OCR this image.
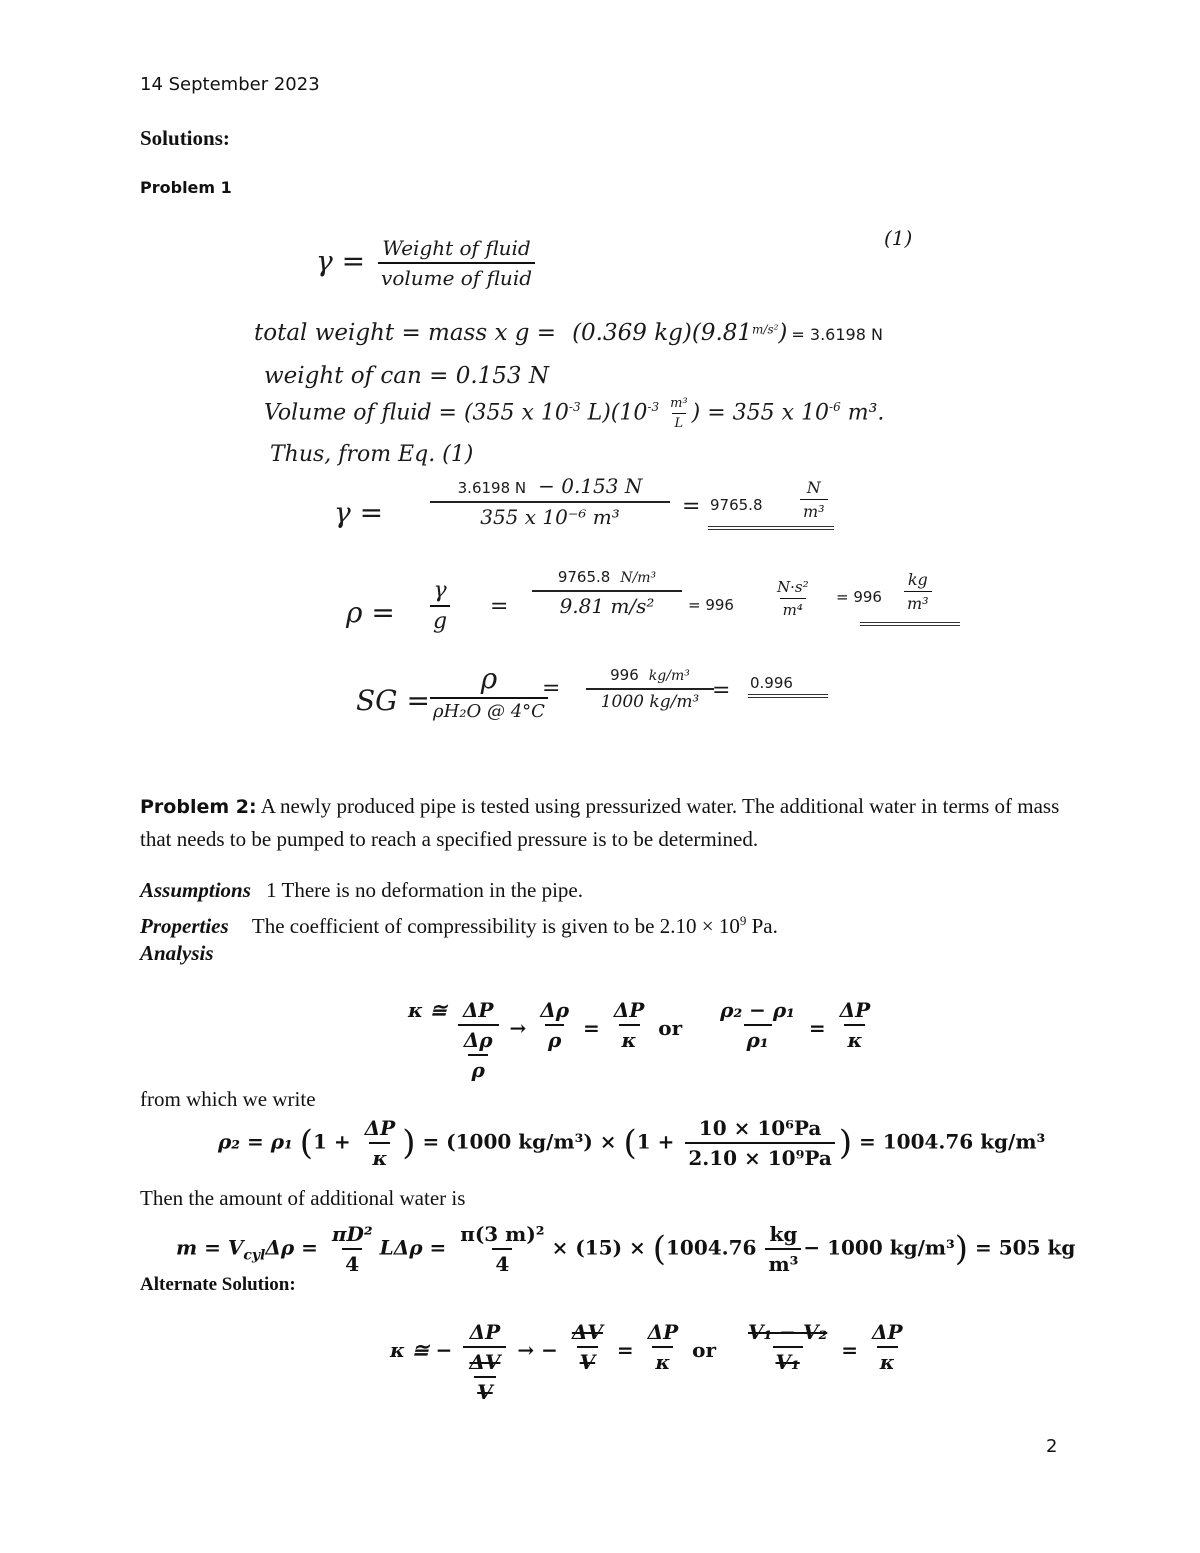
14 September 2023
Solutions:
Problem 1
$\gamma = \frac{\text{Weight of fluid}}{\text{volume of fluid}}$	(1)
total weight = mass x g = (0.369 $kg)(9.81^{m/s^2}) = 3.6198$ N
weight of can = 0.153 N
Volume of fluid = (355 x $10^{-3}$ $L)(10^{-3} \frac{\text{m³}}{L}$ ) = 355 x $10^{-6}$ m³.
Thus, from Eq. (1)
γ =
3.6198 N − 0.153 N
355 x 10⁻⁶ m³	= $9765.8 \frac{N}{\text{m³}}$
$\rho = \frac{\gamma}{g}$ =
9765.8 N/m³
9.81 m/s²	= 996	$\frac{\text{N·s²}}{\text{m⁴}} = 996 \frac{kg}{\text{m³}}$
SG = $\frac{\rho}{\text{ρH₂O @ 4°C}}$
=
996 kg/m³
1000 kg/m³ = 0.996
Problem 2: A newly produced pipe is tested using pressurized water. The additional water in terms of mass that needs to be pumped to reach a specified pressure is to be determined.
Assumptions 1 There is no deformation in the pipe.
Properties The coefficient of compressibility is given to be $2.10 \times 10^9$ Pa.
Analysis
κ ≅ $\frac{\Delta P}{\frac{\Delta\rho}{\rho}} \to \frac{\Delta\rho}{\rho} = \frac{\Delta P}{\kappa}$ or $\frac{\text{ρ₂ − ρ₁}}{\text{ρ₁}} = \frac{\Delta P}{\kappa}$
from which we write
ρ₂ = ρ₁ ($1 + \frac{\Delta P}{\kappa}$ ) = (1000 $kg/m^3) \times (1 + \frac{\text{10 × 10⁶Pa}}{\text{2.10 × 10⁹Pa}}$ ) = 1004.76 kg/m³
Then the amount of additional water is
$m = V_{cyl}\Delta\rho = \frac{\text{πD²}}{4}$ $L\Delta\rho = \frac{\text{π(3 m)²}}{4} \times (15) \times (1004.76 \frac{kg}{\text{m³}} - 1000$ kg/m³) = 505 kg
Alternate Solution:
κ ≅ − $\frac{\Delta P}{\frac{\Delta V}{V}}$ → − $\frac{\Delta V}{V} = \frac{\Delta P}{\kappa}$ or $\frac{\text{V₁ − V₂}}{\text{V₁}} = \frac{\Delta P}{\kappa}$
2
